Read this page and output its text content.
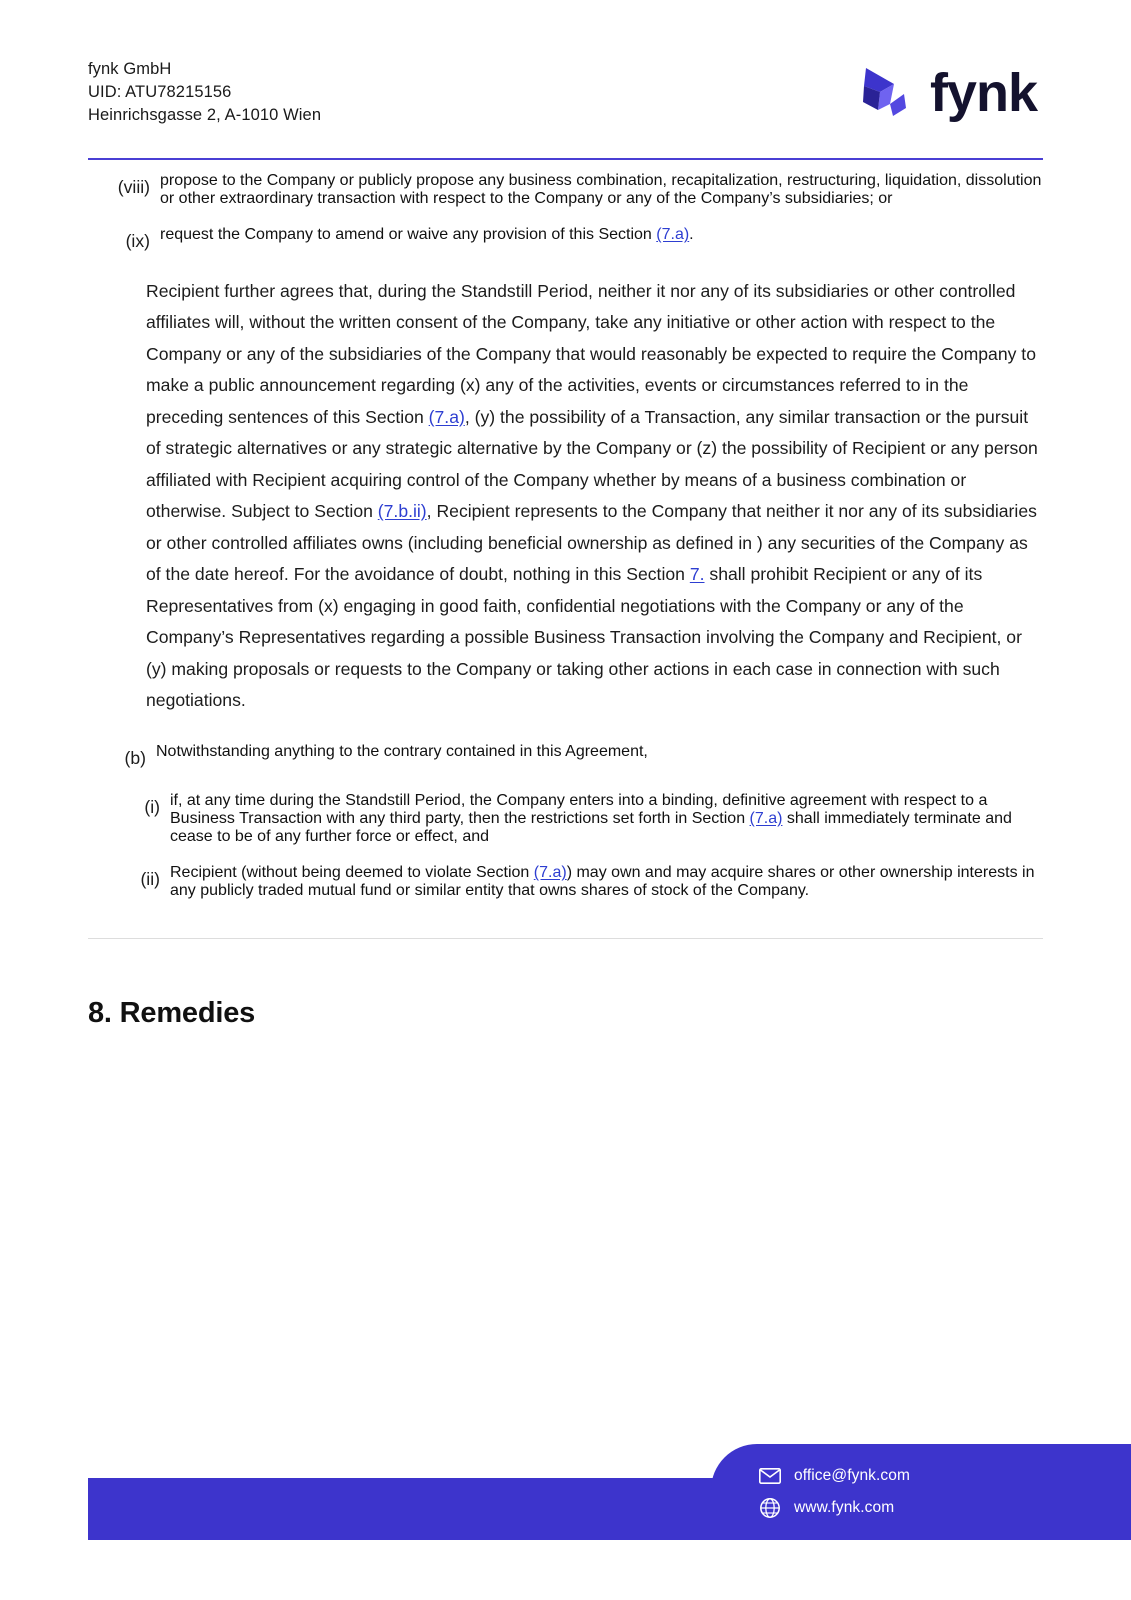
fynk GmbH
UID: ATU78215156
Heinrichsgasse 2, A-1010 Wien	fynk
(viii) propose to the Company or publicly propose any business combination, recapitalization, restructuring, liquidation, dissolution or other extraordinary transaction with respect to the Company or any of the Company’s subsidiaries; or
(ix) request the Company to amend or waive any provision of this Section (7.a).
Recipient further agrees that, during the Standstill Period, neither it nor any of its subsidiaries or other controlled affiliates will, without the written consent of the Company, take any initiative or other action with respect to the Company or any of the subsidiaries of the Company that would reasonably be expected to require the Company to make a public announcement regarding (x) any of the activities, events or circumstances referred to in the preceding sentences of this Section (7.a), (y) the possibility of a Transaction, any similar transaction or the pursuit of strategic alternatives or any strategic alternative by the Company or (z) the possibility of Recipient or any person affiliated with Recipient acquiring control of the Company whether by means of a business combination or otherwise. Subject to Section (7.b.ii), Recipient represents to the Company that neither it nor any of its subsidiaries or other controlled affiliates owns (including beneficial ownership as defined in ) any securities of the Company as of the date hereof. For the avoidance of doubt, nothing in this Section 7. shall prohibit Recipient or any of its Representatives from (x) engaging in good faith, confidential negotiations with the Company or any of the Company’s Representatives regarding a possible Business Transaction involving the Company and Recipient, or (y) making proposals or requests to the Company or taking other actions in each case in connection with such negotiations.
(b) Notwithstanding anything to the contrary contained in this Agreement,
(i) if, at any time during the Standstill Period, the Company enters into a binding, definitive agreement with respect to a Business Transaction with any third party, then the restrictions set forth in Section (7.a) shall immediately terminate and cease to be of any further force or effect, and
(ii) Recipient (without being deemed to violate Section (7.a)) may own and may acquire shares or other ownership interests in any publicly traded mutual fund or similar entity that owns shares of stock of the Company.
8. Remedies
office@fynk.com
www.fynk.com
